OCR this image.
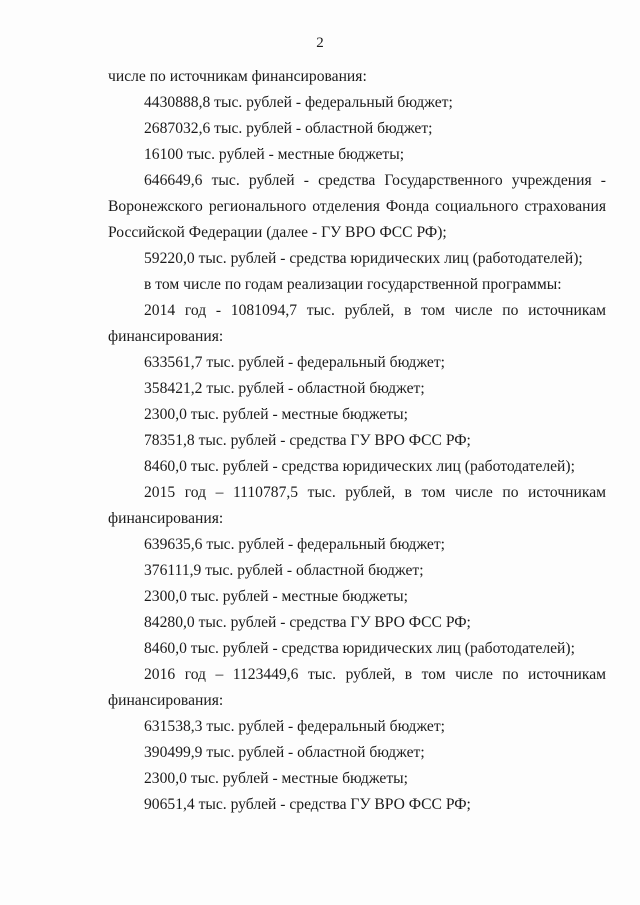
2
числе по источникам финансирования:
4430888,8 тыс. рублей - федеральный бюджет;
2687032,6 тыс. рублей - областной бюджет;
16100 тыс. рублей - местные бюджеты;
646649,6 тыс. рублей - средства Государственного учреждения -
Воронежского регионального отделения Фонда социального страхования
Российской Федерации (далее - ГУ ВРО ФСС РФ);
59220,0 тыс. рублей - средства юридических лиц (работодателей);
в том числе по годам реализации государственной программы:
2014 год - 1081094,7 тыс. рублей, в том числе по источникам
финансирования:
633561,7 тыс. рублей - федеральный бюджет;
358421,2 тыс. рублей - областной бюджет;
2300,0 тыс. рублей - местные бюджеты;
78351,8 тыс. рублей - средства ГУ ВРО ФСС РФ;
8460,0 тыс. рублей - средства юридических лиц (работодателей);
2015 год – 1110787,5 тыс. рублей, в том числе по источникам
финансирования:
639635,6 тыс. рублей - федеральный бюджет;
376111,9 тыс. рублей - областной бюджет;
2300,0 тыс. рублей - местные бюджеты;
84280,0 тыс. рублей - средства ГУ ВРО ФСС РФ;
8460,0 тыс. рублей - средства юридических лиц (работодателей);
2016 год – 1123449,6 тыс. рублей, в том числе по источникам
финансирования:
631538,3 тыс. рублей - федеральный бюджет;
390499,9 тыс. рублей - областной бюджет;
2300,0 тыс. рублей - местные бюджеты;
90651,4 тыс. рублей - средства ГУ ВРО ФСС РФ;
